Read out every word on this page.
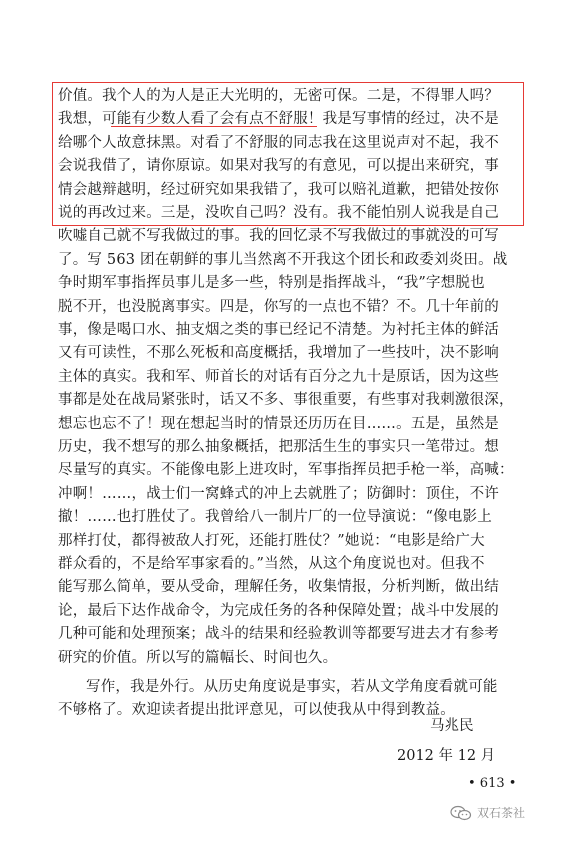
价值。我个人的为人是正大光明的，无密可保。二是，不得罪人吗？
我想，可能有少数人看了会有点不舒服！我是写事情的经过，决不是
给哪个人故意抹黑。对看了不舒服的同志我在这里说声对不起，我不
会说我借了，请你原谅。如果对我写的有意见，可以提出来研究，事
情会越辩越明，经过研究如果我错了，我可以赔礼道歉，把错处按你
说的再改过来。三是，没吹自己吗？没有。我不能怕别人说我是自己
吹嘘自己就不写我做过的事。我的回忆录不写我做过的事就没的可写
了。写 563 团在朝鲜的事儿当然离不开我这个团长和政委刘炎田。战
争时期军事指挥员事儿是多一些，特别是指挥战斗，“我”字想脱也
脱不开，也没脱离事实。四是，你写的一点也不错？不。几十年前的
事，像是喝口水、抽支烟之类的事已经记不清楚。为衬托主体的鲜活
又有可读性，不那么死板和高度概括，我增加了一些技叶，决不影响
主体的真实。我和军、师首长的对话有百分之九十是原话，因为这些
事都是处在战局紧张时，话又不多、事很重要，有些事对我刺激很深，
想忘也忘不了！现在想起当时的情景还历历在目……。五是，虽然是
历史，我不想写的那么抽象概括，把那活生生的事实只一笔带过。想
尽量写的真实。不能像电影上进攻时，军事指挥员把手枪一举，高喊：
冲啊！……，战士们一窝蜂式的冲上去就胜了；防御时：顶住，不许
撤！……也打胜仗了。我曾给八一制片厂的一位导演说：“像电影上
那样打仗，都得被敌人打死，还能打胜仗？”她说：“电影是给广大
群众看的，不是给军事家看的。”当然，从这个角度说也对。但我不
能写那么简单，要从受命，理解任务，收集情报，分析判断，做出结
论，最后下达作战命令，为完成任务的各种保障处置；战斗中发展的
几种可能和处理预案；战斗的结果和经验教训等都要写进去才有参考
研究的价值。所以写的篇幅长、时间也久。
写作，我是外行。从历史角度说是事实，若从文学角度看就可能
不够格了。欢迎读者提出批评意见，可以使我从中得到教益。
马兆民
2012 年 12 月
• 613 •
双石茶社
